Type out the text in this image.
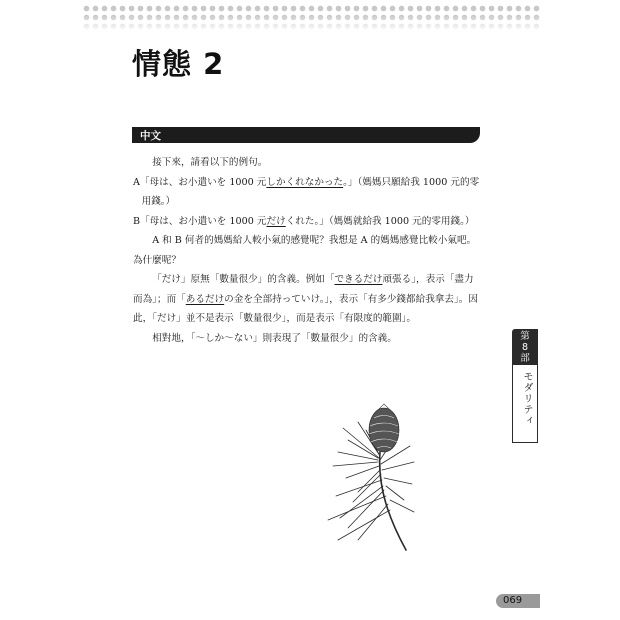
情態 2
中文

接下來，請看以下的例句。

A「母は、お小遣いを 1000 元しかくれなかった。」（媽媽只願給我 1000 元的零用錢。）

B「母は、お小遣いを 1000 元だけくれた。」（媽媽就給我 1000 元的零用錢。）

A 和 B 何者的媽媽給人較小氣的感覺呢？我想是 A 的媽媽感覺比較小氣吧。為什麼呢？

「だけ」原無「數量很少」的含義。例如「できるだけ頑張る」，表示「盡力而為」；而「あるだけの金を全部持っていけ。」，表示「有多少錢都給我拿去」。因此，「だけ」並不是表示「數量很少」，而是表示「有限度的範圍」。

相對地，「〜しか〜ない」則表現了「數量很少」的含義。	第
8
部
モダリティ
069
